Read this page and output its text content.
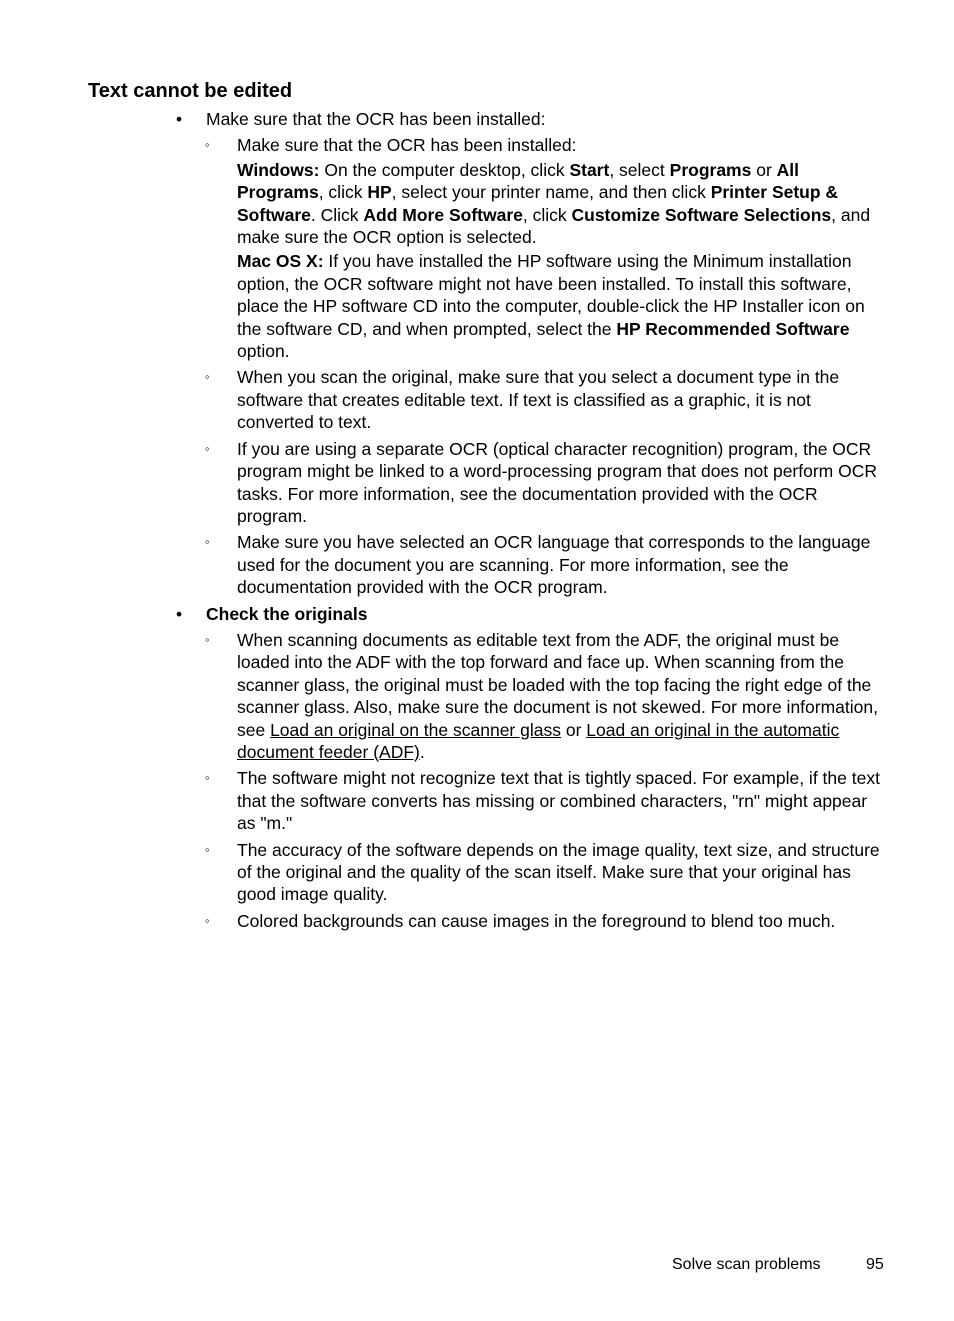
Text cannot be edited
• Make sure that the OCR has been installed:
◦ Make sure that the OCR has been installed:
Windows: On the computer desktop, click Start, select Programs or All Programs, click HP, select your printer name, and then click Printer Setup & Software. Click Add More Software, click Customize Software Selections, and make sure the OCR option is selected.
Mac OS X: If you have installed the HP software using the Minimum installation option, the OCR software might not have been installed. To install this software, place the HP software CD into the computer, double-click the HP Installer icon on the software CD, and when prompted, select the HP Recommended Software option.
◦ When you scan the original, make sure that you select a document type in the software that creates editable text. If text is classified as a graphic, it is not converted to text.
◦ If you are using a separate OCR (optical character recognition) program, the OCR program might be linked to a word-processing program that does not perform OCR tasks. For more information, see the documentation provided with the OCR program.
◦ Make sure you have selected an OCR language that corresponds to the language used for the document you are scanning. For more information, see the documentation provided with the OCR program.
• Check the originals
◦ When scanning documents as editable text from the ADF, the original must be loaded into the ADF with the top forward and face up. When scanning from the scanner glass, the original must be loaded with the top facing the right edge of the scanner glass. Also, make sure the document is not skewed. For more information, see Load an original on the scanner glass or Load an original in the automatic document feeder (ADF).
◦ The software might not recognize text that is tightly spaced. For example, if the text that the software converts has missing or combined characters, "rn" might appear as "m."
◦ The accuracy of the software depends on the image quality, text size, and structure of the original and the quality of the scan itself. Make sure that your original has good image quality.
◦ Colored backgrounds can cause images in the foreground to blend too much.
Solve scan problems	95
